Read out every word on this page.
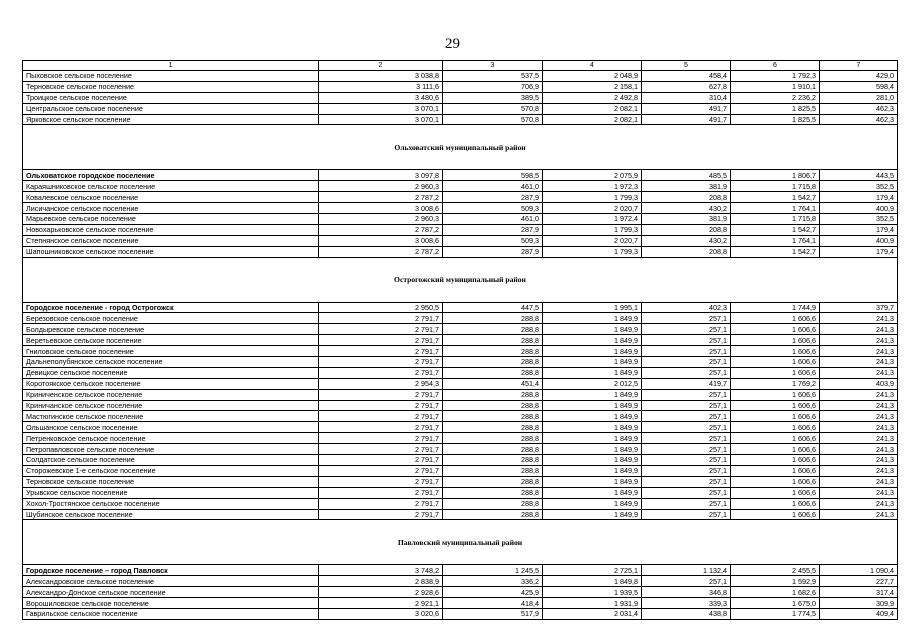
29
1	2	3	4	5	6	7
Пыховское сельское поселение	3 038,8	537,5	2 048,9	458,4	1 792,3	429,0
Терновское сельское поселение	3 111,6	706,9	2 158,1	627,8	1 910,1	598,4
Троицкое сельское поселение	3 480,6	389,5	2 492,8	310,4	2 236,2	281,0
Центральское сельское поселение	3 070,1	570,8	2 082,1	491,7	1 825,5	462,3
Ярковское сельское поселение	3 070,1	570,8	2 082,1	491,7	1 825,5	462,3
Ольховатский муниципальный район						
Ольховатское городское поселение	3 097,8	598,5	2 075,9	485,5	1 806,7	443,5
Караяшниковское сельское поселение	2 960,3	461,0	1 972,3	381,9	1 715,8	352,5
Ковалевское сельское поселение	2 787,2	287,9	1 799,3	208,8	1 542,7	179,4
Лисичанское сельское поселение	3 008,6	509,3	2 020,7	430,2	1 764,1	400,9
Марьевское сельское поселение	2 960,3	461,0	1 972,4	381,9	1 715,8	352,5
Новохарьковское сельское поселение	2 787,2	287,9	1 799,3	208,8	1 542,7	179,4
Степнянское сельское поселение	3 008,6	509,3	2 020,7	430,2	1 764,1	400,9
Шапошниковское сельское поселение	2 787,2	287,9	1 799,3	208,8	1 542,7	179,4
Острогожский муниципальный район						
Городское поселение - город Острогожск	2 950,5	447,5	1 995,1	402,3	1 744,9	379,7
Березовское сельское поселение	2 791,7	288,8	1 849,9	257,1	1 606,6	241,3
Болдыревское сельское поселение	2 791,7	288,8	1 849,9	257,1	1 606,6	241,3
Веретьевское сельское поселение	2 791,7	288,8	1 849,9	257,1	1 606,6	241,3
Гниловское сельское поселение	2 791,7	288,8	1 849,9	257,1	1 606,6	241,3
Дальнеполубянское сельское поселение	2 791,7	288,8	1 849,9	257,1	1 606,6	241,3
Девицкое сельское поселение	2 791,7	288,8	1 849,9	257,1	1 606,6	241,3
Коротоякское сельское поселение	2 954,3	451,4	2 012,5	419,7	1 769,2	403,9
Криниченское сельское поселение	2 791,7	288,8	1 849,9	257,1	1 606,6	241,3
Криничанское сельское поселение	2 791,7	288,8	1 849,9	257,1	1 606,6	241,3
Мастюгинское сельское поселение	2 791,7	288,8	1 849,9	257,1	1 606,6	241,3
Ольшанское сельское поселение	2 791,7	288,8	1 849,9	257,1	1 606,6	241,3
Петренковское сельское поселение	2 791,7	288,8	1 849,9	257,1	1 606,6	241,3
Петропавловское сельское поселение	2 791,7	288,8	1 849,9	257,1	1 606,6	241,3
Солдатское сельское поселение	2 791,7	288,8	1 849,9	257,1	1 606,6	241,3
Сторожевское 1-е сельское поселение	2 791,7	288,8	1 849,9	257,1	1 606,6	241,3
Терновское сельское поселение	2 791,7	288,8	1 849,9	257,1	1 606,6	241,3
Урывское сельское поселение	2 791,7	288,8	1 849,9	257,1	1 606,6	241,3
Хохол-Тростянское сельское поселение	2 791,7	288,8	1 849,9	257,1	1 606,6	241,3
Шубинское сельское поселение	2 791,7	288,8	1 849,9	257,1	1 606,6	241,3
Павловский муниципальный район						
Городское поселение – город Павловск	3 748,2	1 245,5	2 725,1	1 132,4	2 455,5	1 090,4
Александровское сельское поселение	2 838,9	336,2	1 849,8	257,1	1 592,9	227,7
Александро-Донское сельское поселение	2 928,6	425,9	1 939,5	346,8	1 682,6	317,4
Ворошиловское сельское поселение	2 921,1	418,4	1 931,9	339,3	1 675,0	309,9
Гаврильское сельское поселение	3 020,6	517,9	2 031,4	438,8	1 774,5	409,4
